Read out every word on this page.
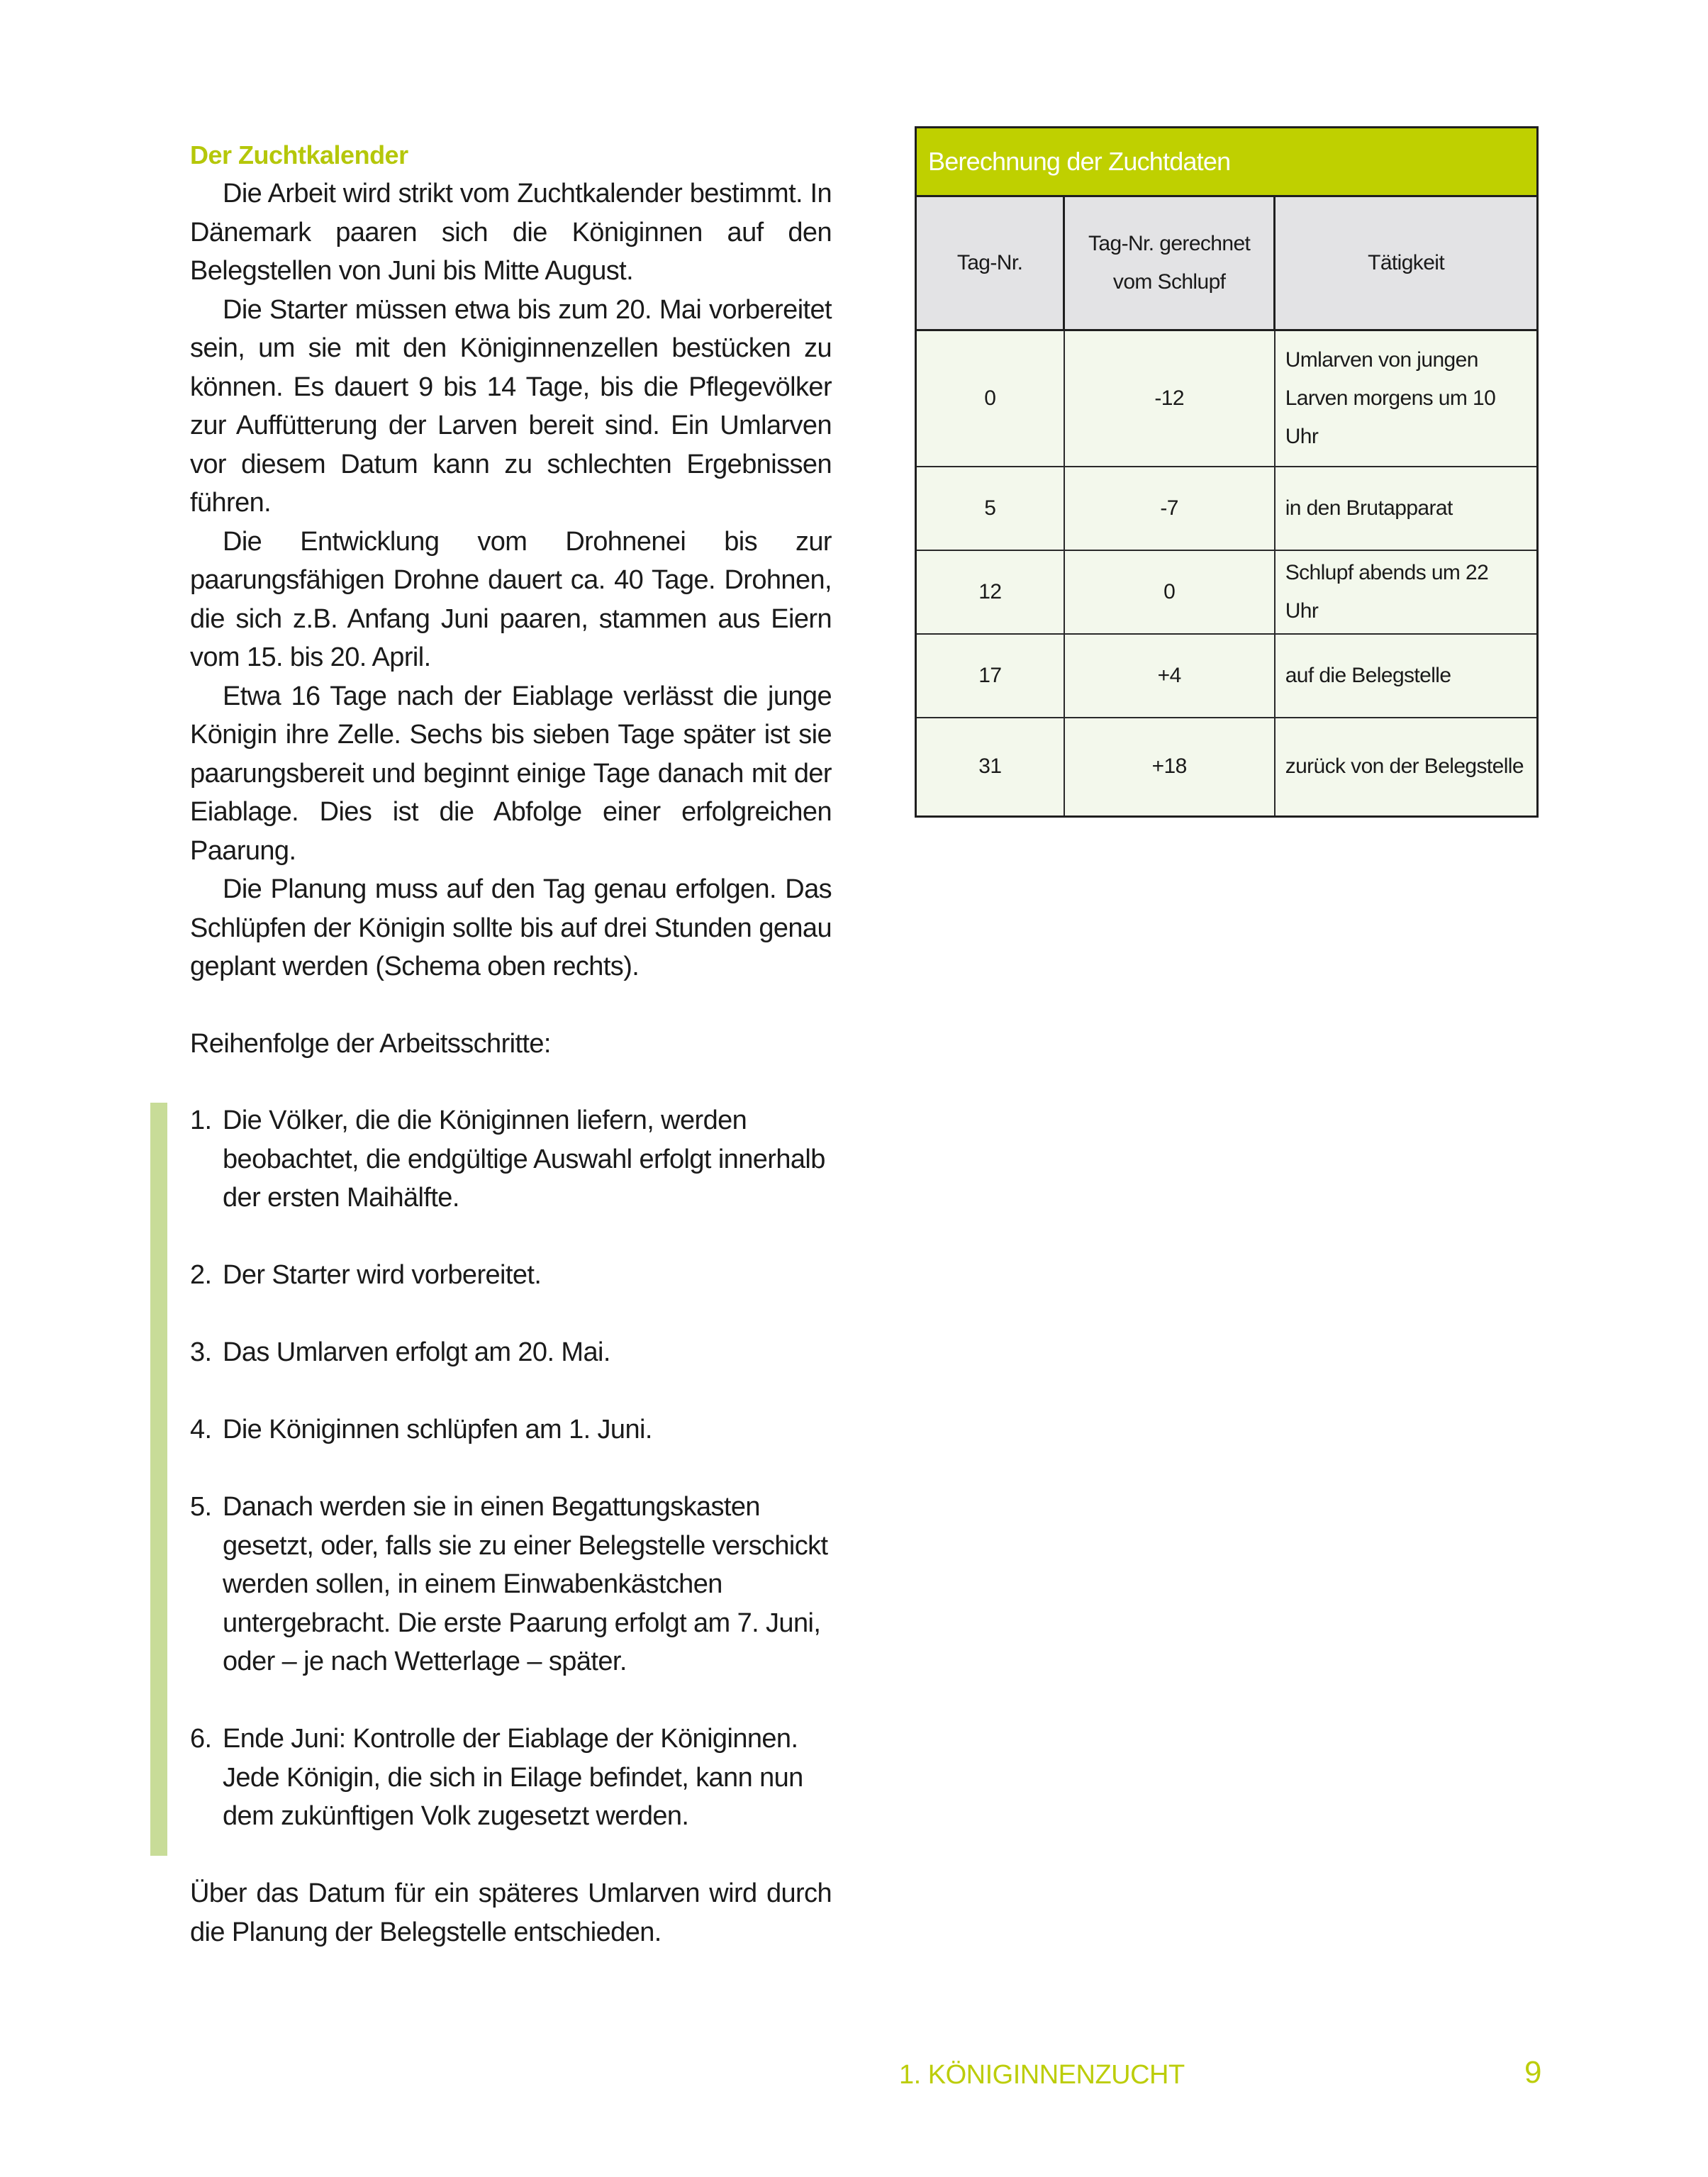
Der Zuchtkalender

Die Arbeit wird strikt vom Zuchtkalender bestimmt. In Dänemark paaren sich die Königinnen auf den Belegstellen von Juni bis Mitte August.

Die Starter müssen etwa bis zum 20. Mai vorbereitet sein, um sie mit den Königinnenzellen bestücken zu können. Es dauert 9 bis 14 Tage, bis die Pflegevölker zur Auffütterung der Larven bereit sind. Ein Umlarven vor diesem Datum kann zu schlechten Ergebnissen führen.

Die Entwicklung vom Drohnenei bis zur paarungsfähigen Drohne dauert ca. 40 Tage. Drohnen, die sich z.B. Anfang Juni paaren, stammen aus Eiern vom 15. bis 20. April.

Etwa 16 Tage nach der Eiablage verlässt die junge Königin ihre Zelle. Sechs bis sieben Tage später ist sie paarungsbereit und beginnt einige Tage danach mit der Eiablage. Dies ist die Abfolge einer erfolgreichen Paarung.

Die Planung muss auf den Tag genau erfolgen. Das Schlüpfen der Königin sollte bis auf drei Stunden genau geplant werden (Schema oben rechts).

Reihenfolge der Arbeitsschritte:

1. Die Völker, die die Königinnen liefern, werden beobachtet, die endgültige Auswahl erfolgt innerhalb der ersten Maihälfte.
2. Der Starter wird vorbereitet.
3. Das Umlarven erfolgt am 20. Mai.
4. Die Königinnen schlüpfen am 1. Juni.
5. Danach werden sie in einen Begattungskasten gesetzt, oder, falls sie zu einer Belegstelle verschickt werden sollen, in einem Einwabenkästchen untergebracht. Die erste Paarung erfolgt am 7. Juni, oder – je nach Wetterlage – später.
6. Ende Juni: Kontrolle der Eiablage der Königinnen. Jede Königin, die sich in Eilage befindet, kann nun dem zukünftigen Volk zugesetzt werden.

Über das Datum für ein späteres Umlarven wird durch die Planung der Belegstelle entschieden.

Berechnung der Zuchtdaten		
Tag-Nr.	Tag-Nr. gerechnet vom Schlupf	Tätigkeit
0	-12	Umlarven von jungen Larven morgens um 10 Uhr
5	-7	in den Brutapparat
12	0	Schlupf abends um 22 Uhr
17	+4	auf die Belegstelle
31	+18	zurück von der Belegstelle
1. KÖNIGINNENZUCHT	9
